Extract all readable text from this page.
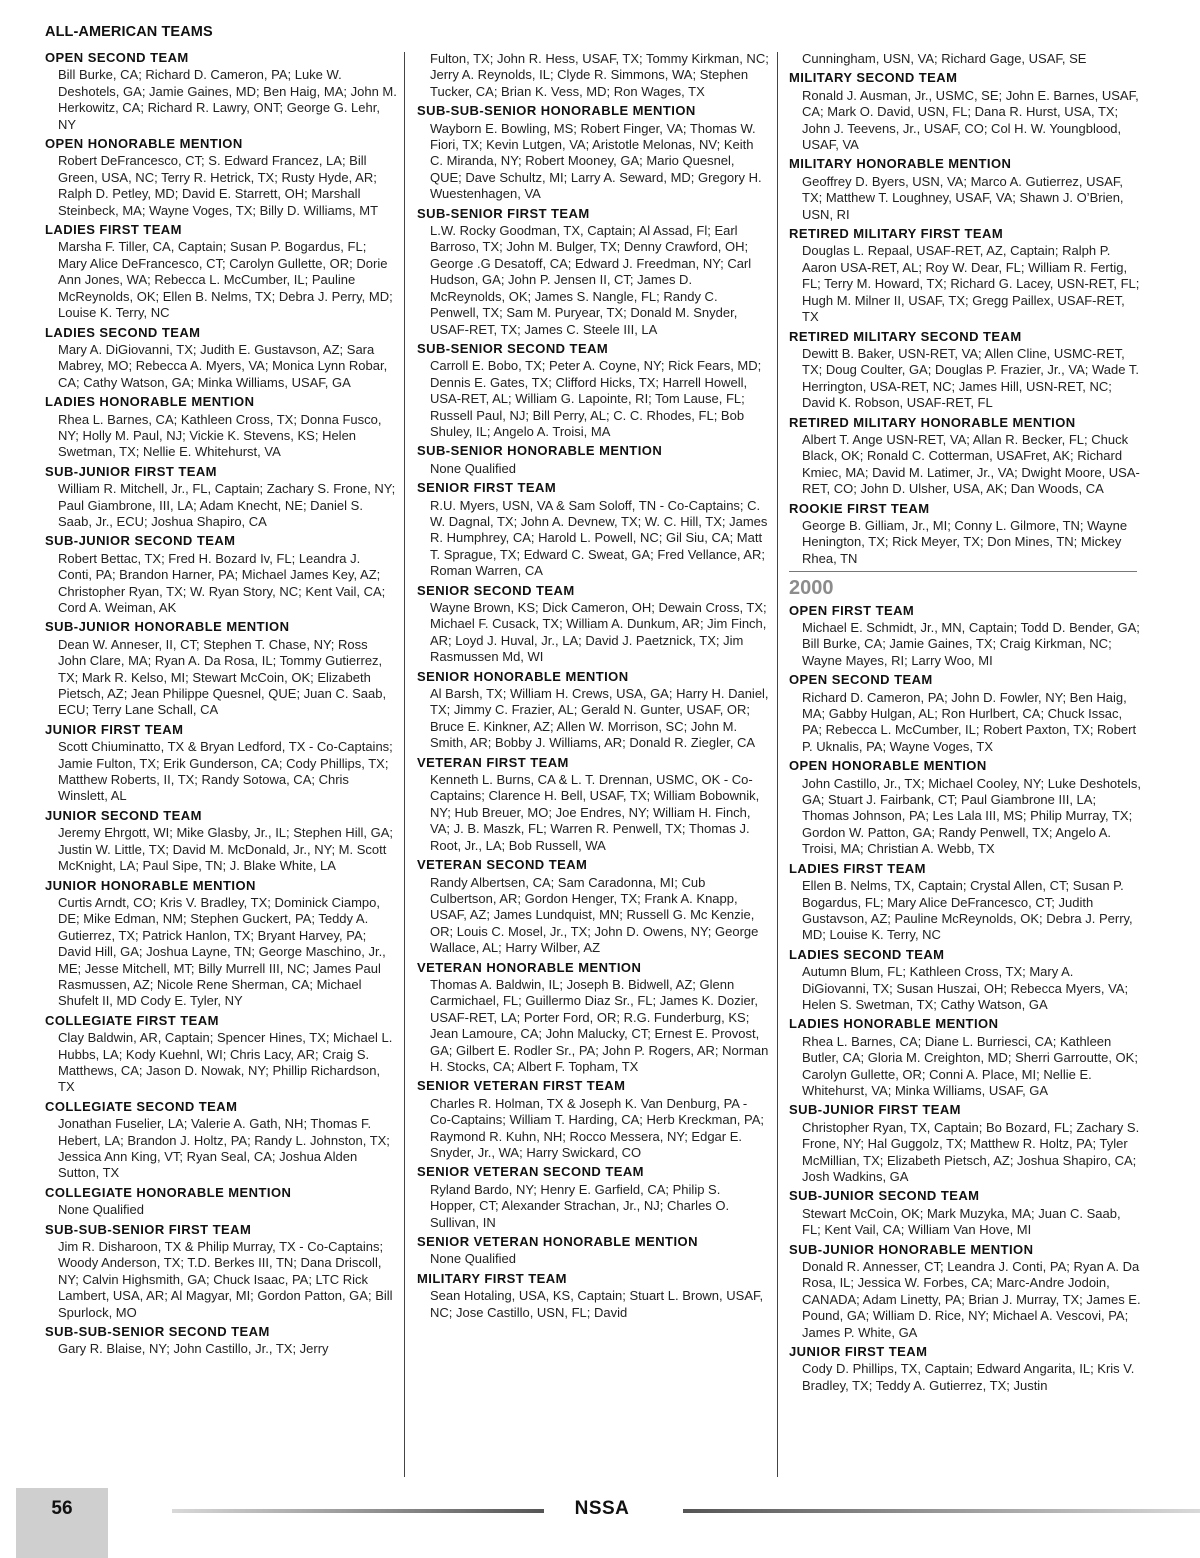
ALL-AMERICAN TEAMS
OPEN SECOND TEAM
Bill Burke, CA; Richard D. Cameron, PA; Luke W. Deshotels, GA; Jamie Gaines, MD; Ben Haig, MA; John M. Herkowitz, CA; Richard R. Lawry, ONT; George G. Lehr, NY
OPEN HONORABLE MENTION
Robert DeFrancesco, CT; S. Edward Francez, LA; Bill Green, USA, NC; Terry R. Hetrick, TX; Rusty Hyde, AR; Ralph D. Petley, MD; David E. Starrett, OH; Marshall Steinbeck, MA; Wayne Voges, TX; Billy D. Williams, MT
LADIES FIRST TEAM
Marsha F. Tiller, CA, Captain; Susan P. Bogardus, FL; Mary Alice DeFrancesco, CT; Carolyn Gullette, OR; Dorie Ann Jones, WA; Rebecca L. McCumber, IL; Pauline McReynolds, OK; Ellen B. Nelms, TX; Debra J. Perry, MD; Louise K. Terry, NC
LADIES SECOND TEAM
Mary A. DiGiovanni, TX; Judith E. Gustavson, AZ; Sara Mabrey, MO; Rebecca A. Myers, VA; Monica Lynn Robar, CA; Cathy Watson, GA; Minka Williams, USAF, GA
LADIES HONORABLE MENTION
Rhea L. Barnes, CA; Kathleen Cross, TX; Donna Fusco, NY; Holly M. Paul, NJ; Vickie K. Stevens, KS; Helen Swetman, TX; Nellie E. Whitehurst, VA
SUB-JUNIOR FIRST TEAM
William R. Mitchell, Jr., FL, Captain; Zachary S. Frone, NY; Paul Giambrone, III, LA; Adam Knecht, NE; Daniel S. Saab, Jr., ECU; Joshua Shapiro, CA
SUB-JUNIOR SECOND TEAM
Robert Bettac, TX; Fred H. Bozard Iv, FL; Leandra J. Conti, PA; Brandon Harner, PA; Michael James Key, AZ; Christopher Ryan, TX; W. Ryan Story, NC; Kent Vail, CA; Cord A. Weiman, AK
SUB-JUNIOR HONORABLE MENTION
Dean W. Anneser, II, CT; Stephen T. Chase, NY; Ross John Clare, MA; Ryan A. Da Rosa, IL; Tommy Gutierrez, TX; Mark R. Kelso, MI; Stewart McCoin, OK; Elizabeth Pietsch, AZ; Jean Philippe Quesnel, QUE; Juan C. Saab, ECU; Terry Lane Schall, CA
JUNIOR FIRST TEAM
Scott Chiuminatto, TX & Bryan Ledford, TX - Co-Captains; Jamie Fulton, TX; Erik Gunderson, CA; Cody Phillips, TX; Matthew Roberts, II, TX; Randy Sotowa, CA; Chris Winslett, AL
JUNIOR SECOND TEAM
Jeremy Ehrgott, WI; Mike Glasby, Jr., IL; Stephen Hill, GA; Justin W. Little, TX; David M. McDonald, Jr., NY; M. Scott McKnight, LA; Paul Sipe, TN; J. Blake White, LA
JUNIOR HONORABLE MENTION
Curtis Arndt, CO; Kris V. Bradley, TX; Dominick Ciampo, DE; Mike Edman, NM; Stephen Guckert, PA; Teddy A. Gutierrez, TX; Patrick Hanlon, TX; Bryant Harvey, PA; David Hill, GA; Joshua Layne, TN; George Maschino, Jr., ME; Jesse Mitchell, MT; Billy Murrell III, NC; James Paul Rasmussen, AZ; Nicole Rene Sherman, CA; Michael Shufelt II, MD Cody E. Tyler, NY
COLLEGIATE FIRST TEAM
Clay Baldwin, AR, Captain; Spencer Hines, TX; Michael L. Hubbs, LA; Kody Kuehnl, WI; Chris Lacy, AR; Craig S. Matthews, CA; Jason D. Nowak, NY; Phillip Richardson, TX
COLLEGIATE SECOND TEAM
Jonathan Fuselier, LA; Valerie A. Gath, NH; Thomas F. Hebert, LA; Brandon J. Holtz, PA; Randy L. Johnston, TX; Jessica Ann King, VT; Ryan Seal, CA; Joshua Alden Sutton, TX
COLLEGIATE HONORABLE MENTION
None Qualified
SUB-SUB-SENIOR FIRST TEAM
Jim R. Disharoon, TX & Philip Murray, TX - Co-Captains; Woody Anderson, TX; T.D. Berkes III, TN; Dana Driscoll, NY; Calvin Highsmith, GA; Chuck Isaac, PA; LTC Rick Lambert, USA, AR; Al Magyar, MI; Gordon Patton, GA; Bill Spurlock, MO
SUB-SUB-SENIOR SECOND TEAM
Gary R. Blaise, NY; John Castillo, Jr., TX; Jerry
Fulton, TX; John R. Hess, USAF, TX; Tommy Kirkman, NC; Jerry A. Reynolds, IL; Clyde R. Simmons, WA; Stephen Tucker, CA; Brian K. Vess, MD; Ron Wages, TX
SUB-SUB-SENIOR HONORABLE MENTION
Wayborn E. Bowling, MS; Robert Finger, VA; Thomas W. Fiori, TX; Kevin Lutgen, VA; Aristotle Melonas, NV; Keith C. Miranda, NY; Robert Mooney, GA; Mario Quesnel, QUE; Dave Schultz, MI; Larry A. Seward, MD; Gregory H. Wuestenhagen, VA
SUB-SENIOR FIRST TEAM
L.W. Rocky Goodman, TX, Captain; Al Assad, Fl; Earl Barroso, TX; John M. Bulger, TX; Denny Crawford, OH; George .G Desatoff, CA; Edward J. Freedman, NY; Carl Hudson, GA; John P. Jensen II, CT; James D. McReynolds, OK; James S. Nangle, FL; Randy C. Penwell, TX; Sam M. Puryear, TX; Donald M. Snyder, USAF-RET, TX; James C. Steele III, LA
SUB-SENIOR SECOND TEAM
Carroll E. Bobo, TX; Peter A. Coyne, NY; Rick Fears, MD; Dennis E. Gates, TX; Clifford Hicks, TX; Harrell Howell, USA-RET, AL; William G. Lapointe, RI; Tom Lause, FL; Russell Paul, NJ; Bill Perry, AL; C. C. Rhodes, FL; Bob Shuley, IL; Angelo A. Troisi, MA
SUB-SENIOR HONORABLE MENTION
None Qualified
SENIOR FIRST TEAM
R.U. Myers, USN, VA & Sam Soloff, TN - Co-Captains; C. W. Dagnal, TX; John A. Devnew, TX; W. C. Hill, TX; James R. Humphrey, CA; Harold L. Powell, NC; Gil Siu, CA; Matt T. Sprague, TX; Edward C. Sweat, GA; Fred Vellance, AR; Roman Warren, CA
SENIOR SECOND TEAM
Wayne Brown, KS; Dick Cameron, OH; Dewain Cross, TX; Michael F. Cusack, TX; William A. Dunkum, AR; Jim Finch, AR; Loyd J. Huval, Jr., LA; David J. Paetznick, TX; Jim Rasmussen Md, WI
SENIOR HONORABLE MENTION
Al Barsh, TX; William H. Crews, USA, GA; Harry H. Daniel, TX; Jimmy C. Frazier, AL; Gerald N. Gunter, USAF, OR; Bruce E. Kinkner, AZ; Allen W. Morrison, SC; John M. Smith, AR; Bobby J. Williams, AR; Donald R. Ziegler, CA
VETERAN FIRST TEAM
Kenneth L. Burns, CA & L. T. Drennan, USMC, OK - Co-Captains; Clarence H. Bell, USAF, TX; William Bobownik, NY; Hub Breuer, MO; Joe Endres, NY; William H. Finch, VA; J. B. Maszk, FL; Warren R. Penwell, TX; Thomas J. Root, Jr., LA; Bob Russell, WA
VETERAN SECOND TEAM
Randy Albertsen, CA; Sam Caradonna, MI; Cub Culbertson, AR; Gordon Henger, TX; Frank A. Knapp, USAF, AZ; James Lundquist, MN; Russell G. Mc Kenzie, OR; Louis C. Mosel, Jr., TX; John D. Owens, NY; George Wallace, AL; Harry Wilber, AZ
VETERAN HONORABLE MENTION
Thomas A. Baldwin, IL; Joseph B. Bidwell, AZ; Glenn Carmichael, FL; Guillermo Diaz Sr., FL; James K. Dozier, USAF-RET, LA; Porter Ford, OR; R.G. Funderburg, KS; Jean Lamoure, CA; John Malucky, CT; Ernest E. Provost, GA; Gilbert E. Rodler Sr., PA; John P. Rogers, AR; Norman H. Stocks, CA; Albert F. Topham, TX
SENIOR VETERAN FIRST TEAM
Charles R. Holman, TX & Joseph K. Van Denburg, PA - Co-Captains; William T. Harding, CA; Herb Kreckman, PA; Raymond R. Kuhn, NH; Rocco Messera, NY; Edgar E. Snyder, Jr., WA; Harry Swickard, CO
SENIOR VETERAN SECOND TEAM
Ryland Bardo, NY; Henry E. Garfield, CA; Philip S. Hopper, CT; Alexander Strachan, Jr., NJ; Charles O. Sullivan, IN
SENIOR VETERAN HONORABLE MENTION
None Qualified
MILITARY FIRST TEAM
Sean Hotaling, USA, KS, Captain; Stuart L. Brown, USAF, NC; Jose Castillo, USN, FL; David
Cunningham, USN, VA; Richard Gage, USAF, SE
MILITARY SECOND TEAM
Ronald J. Ausman, Jr., USMC, SE; John E. Barnes, USAF, CA; Mark O. David, USN, FL; Dana R. Hurst, USA, TX; John J. Teevens, Jr., USAF, CO; Col H. W. Youngblood, USAF, VA
MILITARY HONORABLE MENTION
Geoffrey D. Byers, USN, VA; Marco A. Gutierrez, USAF, TX; Matthew T. Loughney, USAF, VA; Shawn J. O’Brien, USN, RI
RETIRED MILITARY FIRST TEAM
Douglas L. Repaal, USAF-RET, AZ, Captain; Ralph P. Aaron USA-RET, AL; Roy W. Dear, FL; William R. Fertig, FL; Terry M. Howard, TX; Richard G. Lacey, USN-RET, FL; Hugh M. Milner II, USAF, TX; Gregg Paillex, USAF-RET, TX
RETIRED MILITARY SECOND TEAM
Dewitt B. Baker, USN-RET, VA; Allen Cline, USMC-RET, TX; Doug Coulter, GA; Douglas P. Frazier, Jr., VA; Wade T. Herrington, USA-RET, NC; James Hill, USN-RET, NC; David K. Robson, USAF-RET, FL
RETIRED MILITARY HONORABLE MENTION
Albert T. Ange USN-RET, VA; Allan R. Becker, FL; Chuck Black, OK; Ronald C. Cotterman, USAFret, AK; Richard Kmiec, MA; David M. Latimer, Jr., VA; Dwight Moore, USA-RET, CO; John D. Ulsher, USA, AK; Dan Woods, CA
ROOKIE FIRST TEAM
George B. Gilliam, Jr., MI; Conny L. Gilmore, TN; Wayne Henington, TX; Rick Meyer, TX; Don Mines, TN; Mickey Rhea, TN
2000
OPEN FIRST TEAM
Michael E. Schmidt, Jr., MN, Captain; Todd D. Bender, GA; Bill Burke, CA; Jamie Gaines, TX; Craig Kirkman, NC; Wayne Mayes, RI; Larry Woo, MI
OPEN SECOND TEAM
Richard D. Cameron, PA; John D. Fowler, NY; Ben Haig, MA; Gabby Hulgan, AL; Ron Hurlbert, CA; Chuck Issac, PA; Rebecca L. McCumber, IL; Robert Paxton, TX; Robert P. Uknalis, PA; Wayne Voges, TX
OPEN HONORABLE MENTION
John Castillo, Jr., TX; Michael Cooley, NY; Luke Deshotels, GA; Stuart J. Fairbank, CT; Paul Giambrone III, LA; Thomas Johnson, PA; Les Lala III, MS; Philip Murray, TX; Gordon W. Patton, GA; Randy Penwell, TX; Angelo A. Troisi, MA; Christian A. Webb, TX
LADIES FIRST TEAM
Ellen B. Nelms, TX, Captain; Crystal Allen, CT; Susan P. Bogardus, FL; Mary Alice DeFrancesco, CT; Judith Gustavson, AZ; Pauline McReynolds, OK; Debra J. Perry, MD; Louise K. Terry, NC
LADIES SECOND TEAM
Autumn Blum, FL; Kathleen Cross, TX; Mary A. DiGiovanni, TX; Susan Huszai, OH; Rebecca Myers, VA; Helen S. Swetman, TX; Cathy Watson, GA
LADIES HONORABLE MENTION
Rhea L. Barnes, CA; Diane L. Burriesci, CA; Kathleen Butler, CA; Gloria M. Creighton, MD; Sherri Garroutte, OK; Carolyn Gullette, OR; Conni A. Place, MI; Nellie E. Whitehurst, VA; Minka Williams, USAF, GA
SUB-JUNIOR FIRST TEAM
Christopher Ryan, TX, Captain; Bo Bozard, FL; Zachary S. Frone, NY; Hal Guggolz, TX; Matthew R. Holtz, PA; Tyler McMillian, TX; Elizabeth Pietsch, AZ; Joshua Shapiro, CA; Josh Wadkins, GA
SUB-JUNIOR SECOND TEAM
Stewart McCoin, OK; Mark Muzyka, MA; Juan C. Saab, FL; Kent Vail, CA; William Van Hove, MI
SUB-JUNIOR HONORABLE MENTION
Donald R. Annesser, CT; Leandra J. Conti, PA; Ryan A. Da Rosa, IL; Jessica W. Forbes, CA; Marc-Andre Jodoin, CANADA; Adam Linetty, PA; Brian J. Murray, TX; James E. Pound, GA; William D. Rice, NY; Michael A. Vescovi, PA; James P. White, GA
JUNIOR FIRST TEAM
Cody D. Phillips, TX, Captain; Edward Angarita, IL; Kris V. Bradley, TX; Teddy A. Gutierrez, TX; Justin
56	NSSA
